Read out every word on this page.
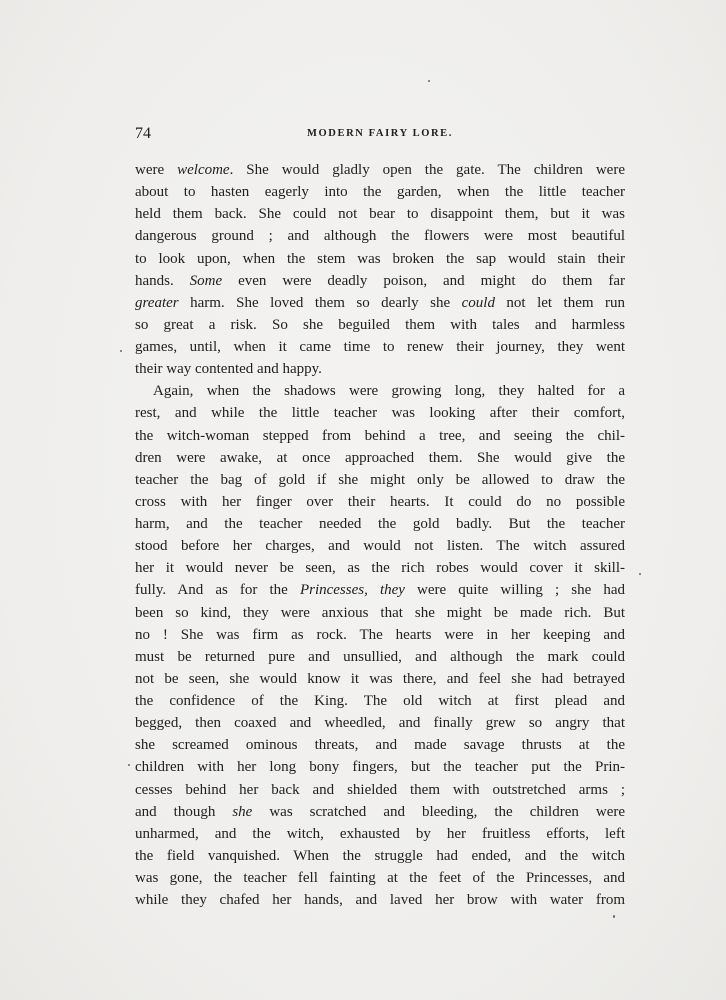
74	MODERN FAIRY LORE.
were welcome. She would gladly open the gate. The children were
about to hasten eagerly into the garden, when the little teacher
held them back. She could not bear to disappoint them, but it was
dangerous ground ; and although the flowers were most beautiful
to look upon, when the stem was broken the sap would stain their
hands. Some even were deadly poison, and might do them far
greater harm. She loved them so dearly she could not let them run
so great a risk. So she beguiled them with tales and harmless
games, until, when it came time to renew their journey, they went
their way contented and happy.
Again, when the shadows were growing long, they halted for a
rest, and while the little teacher was looking after their comfort,
the witch-woman stepped from behind a tree, and seeing the chil-
dren were awake, at once approached them. She would give the
teacher the bag of gold if she might only be allowed to draw the
cross with her finger over their hearts. It could do no possible
harm, and the teacher needed the gold badly. But the teacher
stood before her charges, and would not listen. The witch assured
her it would never be seen, as the rich robes would cover it skill-
fully. And as for the Princesses, they were quite willing ; she had
been so kind, they were anxious that she might be made rich. But
no ! She was firm as rock. The hearts were in her keeping and
must be returned pure and unsullied, and although the mark could
not be seen, she would know it was there, and feel she had betrayed
the confidence of the King. The old witch at first plead and
begged, then coaxed and wheedled, and finally grew so angry that
she screamed ominous threats, and made savage thrusts at the
children with her long bony fingers, but the teacher put the Prin-
cesses behind her back and shielded them with outstretched arms ;
and though she was scratched and bleeding, the children were
unharmed, and the witch, exhausted by her fruitless efforts, left
the field vanquished. When the struggle had ended, and the witch
was gone, the teacher fell fainting at the feet of the Princesses, and
while they chafed her hands, and laved her brow with water from
